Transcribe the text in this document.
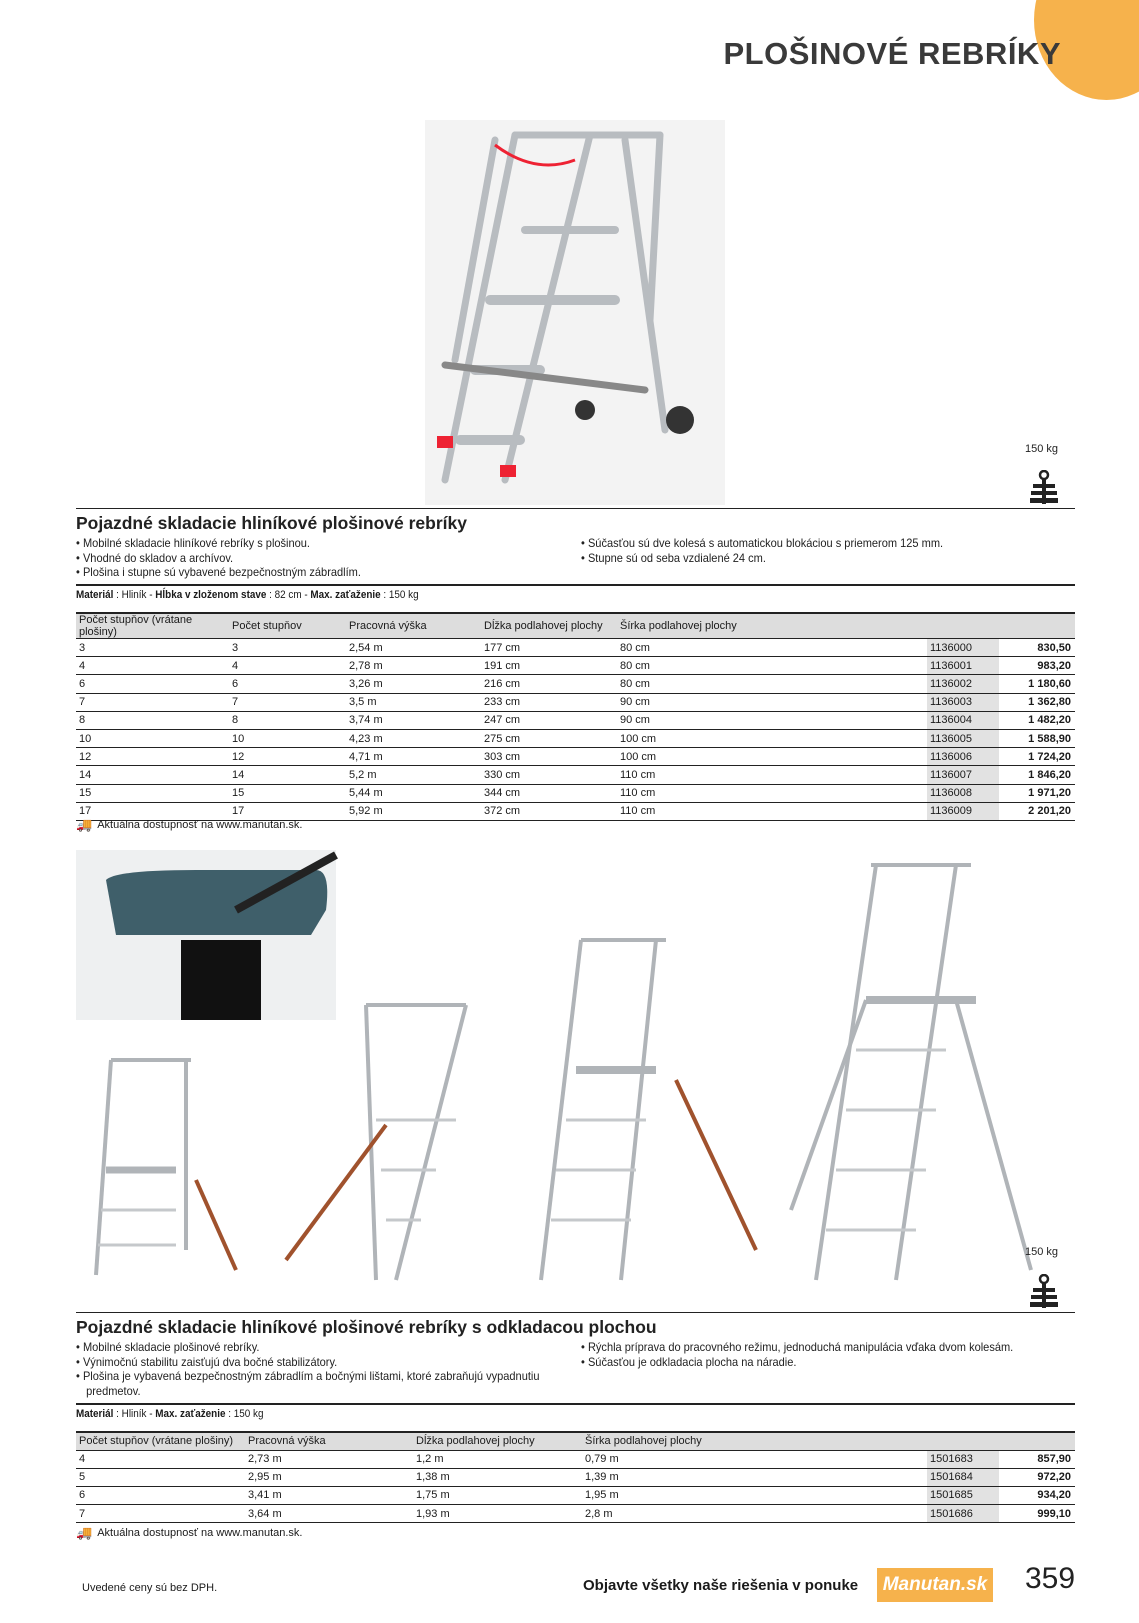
PLOŠINOVÉ REBRÍKY
150 kg
Pojazdné skladacie hliníkové plošinové rebríky
• Mobilné skladacie hliníkové rebríky s plošinou.
• Vhodné do skladov a archívov.
• Plošina i stupne sú vybavené bezpečnostným zábradlím.
• Súčasťou sú dve kolesá s automatickou blokáciou s priemerom 125 mm.
• Stupne sú od seba vzdialené 24 cm.
Materiál : Hliník - Hĺbka v zloženom stave : 82 cm - Max. zaťaženie : 150 kg
Počet stupňov (vrátane plošiny)	Počet stupňov	Pracovná výška	Dĺžka podlahovej plochy	Šírka podlahovej plochy		
3	3	2,54 m	177 cm	80 cm	1136000	830,50
4	4	2,78 m	191 cm	80 cm	1136001	983,20
6	6	3,26 m	216 cm	80 cm	1136002	1 180,60
7	7	3,5 m	233 cm	90 cm	1136003	1 362,80
8	8	3,74 m	247 cm	90 cm	1136004	1 482,20
10	10	4,23 m	275 cm	100 cm	1136005	1 588,90
12	12	4,71 m	303 cm	100 cm	1136006	1 724,20
14	14	5,2 m	330 cm	110 cm	1136007	1 846,20
15	15	5,44 m	344 cm	110 cm	1136008	1 971,20
17	17	5,92 m	372 cm	110 cm	1136009	2 201,20
🚚 Aktuálna dostupnosť na www.manutan.sk.
150 kg
Pojazdné skladacie hliníkové plošinové rebríky s odkladacou plochou
• Mobilné skladacie plošinové rebríky.
• Výnimočnú stabilitu zaisťujú dva bočné stabilizátory.
• Plošina je vybavená bezpečnostným zábradlím a bočnými lištami, ktoré zabraňujú vypadnutiu predmetov.
• Rýchla príprava do pracovného režimu, jednoduchá manipulácia vďaka dvom kolesám.
• Súčasťou je odkladacia plocha na náradie.
Materiál : Hliník - Max. zaťaženie : 150 kg
Počet stupňov (vrátane plošiny)	Pracovná výška	Dĺžka podlahovej plochy	Šírka podlahovej plochy		
4	2,73 m	1,2 m	0,79 m	1501683	857,90
5	2,95 m	1,38 m	1,39 m	1501684	972,20
6	3,41 m	1,75 m	1,95 m	1501685	934,20
7	3,64 m	1,93 m	2,8 m	1501686	999,10
🚚 Aktuálna dostupnosť na www.manutan.sk.
Uvedené ceny sú bez DPH.	Objavte všetky naše riešenia v ponuke	Manutan.sk 359
